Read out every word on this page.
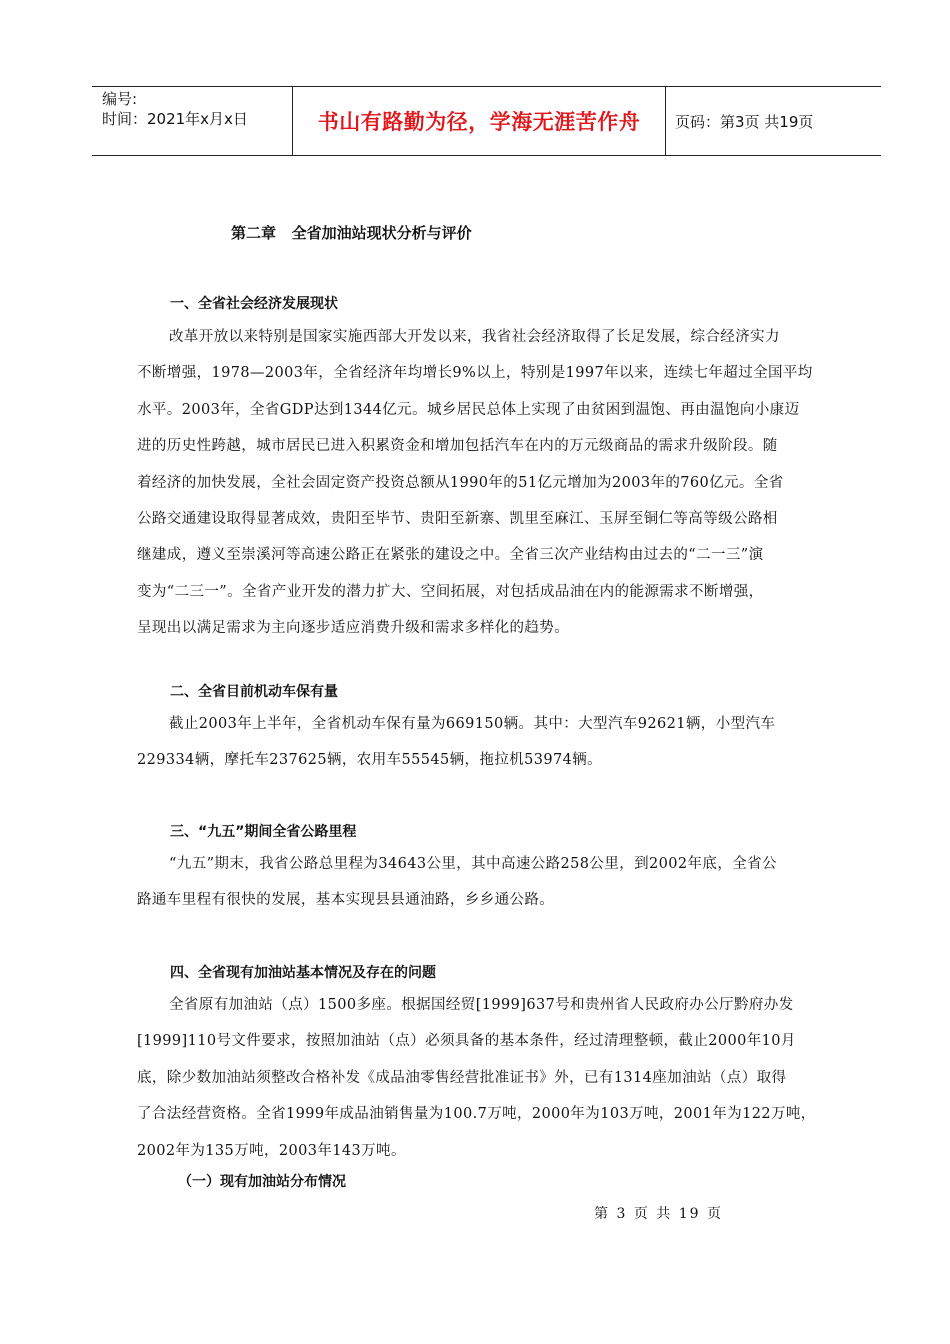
编号:
时间：2021年x月x日	书山有路勤为径，学海无涯苦作舟	页码：第3页 共19页
第二章   全省加油站现状分析与评价
一、全省社会经济发展现状
改革开放以来特别是国家实施西部大开发以来，我省社会经济取得了长足发展，综合经济实力
不断增强，1978—2003年，全省经济年均增长9%以上，特别是1997年以来，连续七年超过全国平均
水平。2003年，全省GDP达到1344亿元。城乡居民总体上实现了由贫困到温饱、再由温饱向小康迈
进的历史性跨越，城市居民已进入积累资金和增加包括汽车在内的万元级商品的需求升级阶段。随
着经济的加快发展，全社会固定资产投资总额从1990年的51亿元增加为2003年的760亿元。全省
公路交通建设取得显著成效，贵阳至毕节、贵阳至新寨、凯里至麻江、玉屏至铜仁等高等级公路相
继建成，遵义至崇溪河等高速公路正在紧张的建设之中。全省三次产业结构由过去的“二一三”演
变为“二三一”。全省产业开发的潜力扩大、空间拓展，对包括成品油在内的能源需求不断增强，
呈现出以满足需求为主向逐步适应消费升级和需求多样化的趋势。
二、全省目前机动车保有量
截止2003年上半年，全省机动车保有量为669150辆。其中：大型汽车92621辆，小型汽车
229334辆，摩托车237625辆，农用车55545辆，拖拉机53974辆。
三、“九五”期间全省公路里程
“九五”期末，我省公路总里程为34643公里，其中高速公路258公里，到2002年底，全省公
路通车里程有很快的发展，基本实现县县通油路，乡乡通公路。
四、全省现有加油站基本情况及存在的问题
全省原有加油站（点）1500多座。根据国经贸[1999]637号和贵州省人民政府办公厅黔府办发
[1999]110号文件要求，按照加油站（点）必须具备的基本条件，经过清理整顿，截止2000年10月
底，除少数加油站须整改合格补发《成品油零售经营批准证书》外，已有1314座加油站（点）取得
了合法经营资格。全省1999年成品油销售量为100.7万吨，2000年为103万吨，2001年为122万吨，
2002年为135万吨，2003年143万吨。
（一）现有加油站分布情况
第 3 页 共 19 页
